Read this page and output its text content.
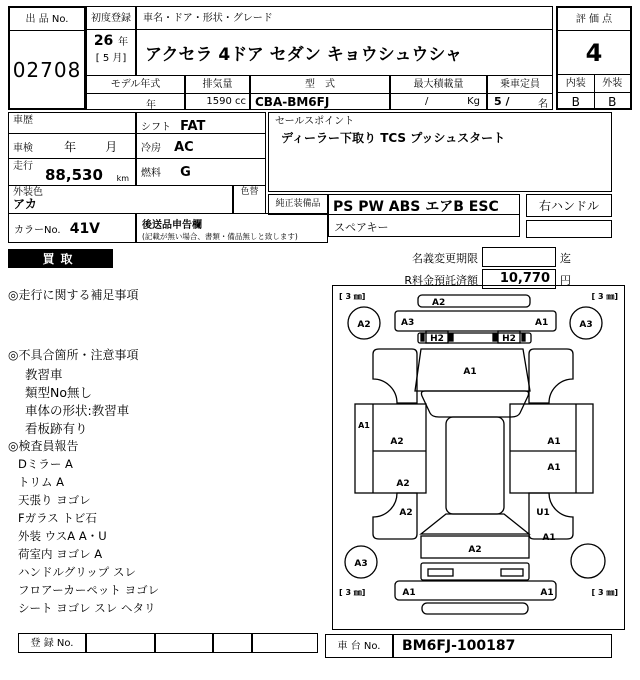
出 品 No.
02708
初度登録
26 年
[ 5 月]
車名・ドア・形状・グレード
アクセラ 4ドア セダン キョウシュウシャ
モデル年式
年
排気量
1590 cc
型　式
CBA-BM6FJ
最大積載量
/	Kg
乗車定員
5 /	名
評 価 点
4
内装	外装
B	B
車歴
シフト FAT
車検	年 月	冷房 AC
走行 88,530 km	燃料 G
外装色
アカ
色替
カラーNo. 41V	後送品申告欄
(記載が無い場合、書類・備品無しと致します)
セールスポイント
ディーラー下取り TCS プッシュスタート
純正装備品 PS PW ABS エアB ESC	右ハンドル
スペアキー
買取	名義変更期限	迄
R料金預託済額	10,770 円
◎走行に関する補足事項
◎不具合箇所・注意事項
教習車
類型No無し
車体の形状:教習車
看板跡有り
◎検査員報告
Dミラー A
トリム A
天張り ヨゴレ
Fガラス トビ石
外装 ウスA A・U
荷室内 ヨゴレ A
ハンドルグリップ スレ
フロアーカーペット ヨゴレ
シート ヨゴレ スレ ヘタリ
[ 3 ㎜]	[ 3 ㎜]
[ 3 ㎜]	[ 3 ㎜]
A2
A3	A1
H2	H2
A2	A3
A3
A1
A1
A2
A2
A2
A1
A1
U1
A1
A2
A1	A1
登 録 No.	車 台 No.	BM6FJ-100187
